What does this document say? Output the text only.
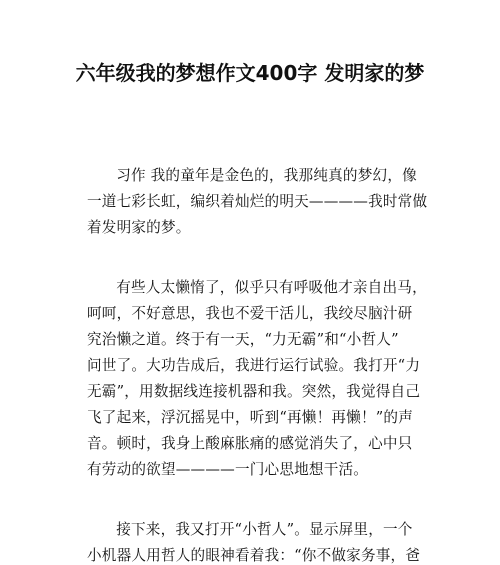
六年级我的梦想作文400字 发明家的梦

习作 我的童年是金色的，我那纯真的梦幻，像
一道七彩长虹，编织着灿烂的明天————我时常做
着发明家的梦。

有些人太懒惰了，似乎只有呼吸他才亲自出马，
呵呵，不好意思，我也不爱干活儿，我绞尽脑汁研
究治懒之道。终于有一天，“力无霸”和“小哲人”
问世了。大功告成后，我进行运行试验。我打开“力
无霸”，用数据线连接机器和我。突然，我觉得自己
飞了起来，浮沉摇晃中，听到“再懒！再懒！”的声
音。顿时，我身上酸麻胀痛的感觉消失了，心中只
有劳动的欲望————一门心思地想干活。

接下来，我又打开“小哲人”。显示屏里，一个
小机器人用哲人的眼神看着我：“你不做家务事，爸
